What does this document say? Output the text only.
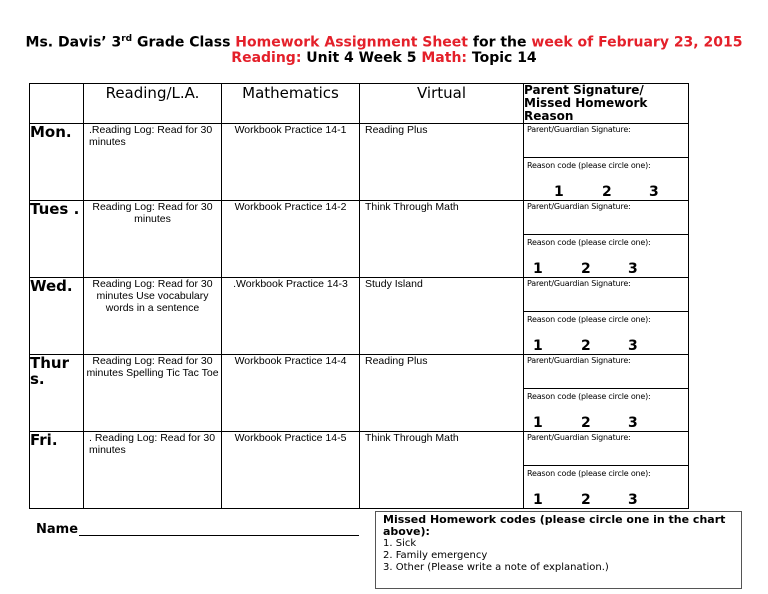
Ms. Davis’ 3rd Grade Class Homework Assignment Sheet for the week of February 23, 2015
Reading: Unit 4 Week 5 Math: Topic 14
	Reading/L.A.	Mathematics	Virtual	Parent Signature/ Missed Homework Reason
Mon.	.Reading Log: Read for 30 minutes	Workbook Practice 14-1	Reading Plus	Parent/Guardian Signature:
Reason code (please circle one):
1 2 3

Tues .	Reading Log: Read for 30 minutes	Workbook Practice 14-2	Think Through Math	Parent/Guardian Signature:
Reason code (please circle one):
1 2 3

Wed.	Reading Log: Read for 30 minutes Use vocabulary words in a sentence	.Workbook Practice 14-3	Study Island	Parent/Guardian Signature:
Reason code (please circle one):
1 2 3

Thur s.	Reading Log: Read for 30 minutes Spelling Tic Tac Toe	Workbook Practice 14-4	Reading Plus	Parent/Guardian Signature:
Reason code (please circle one):
1 2 3

Fri.	. Reading Log: Read for 30 minutes	Workbook Practice 14-5	Think Through Math	Parent/Guardian Signature:
Reason code (please circle one):
1 2 3
Name
Missed Homework codes (please circle one in the chart above):
1. Sick
2. Family emergency
3. Other (Please write a note of explanation.)
